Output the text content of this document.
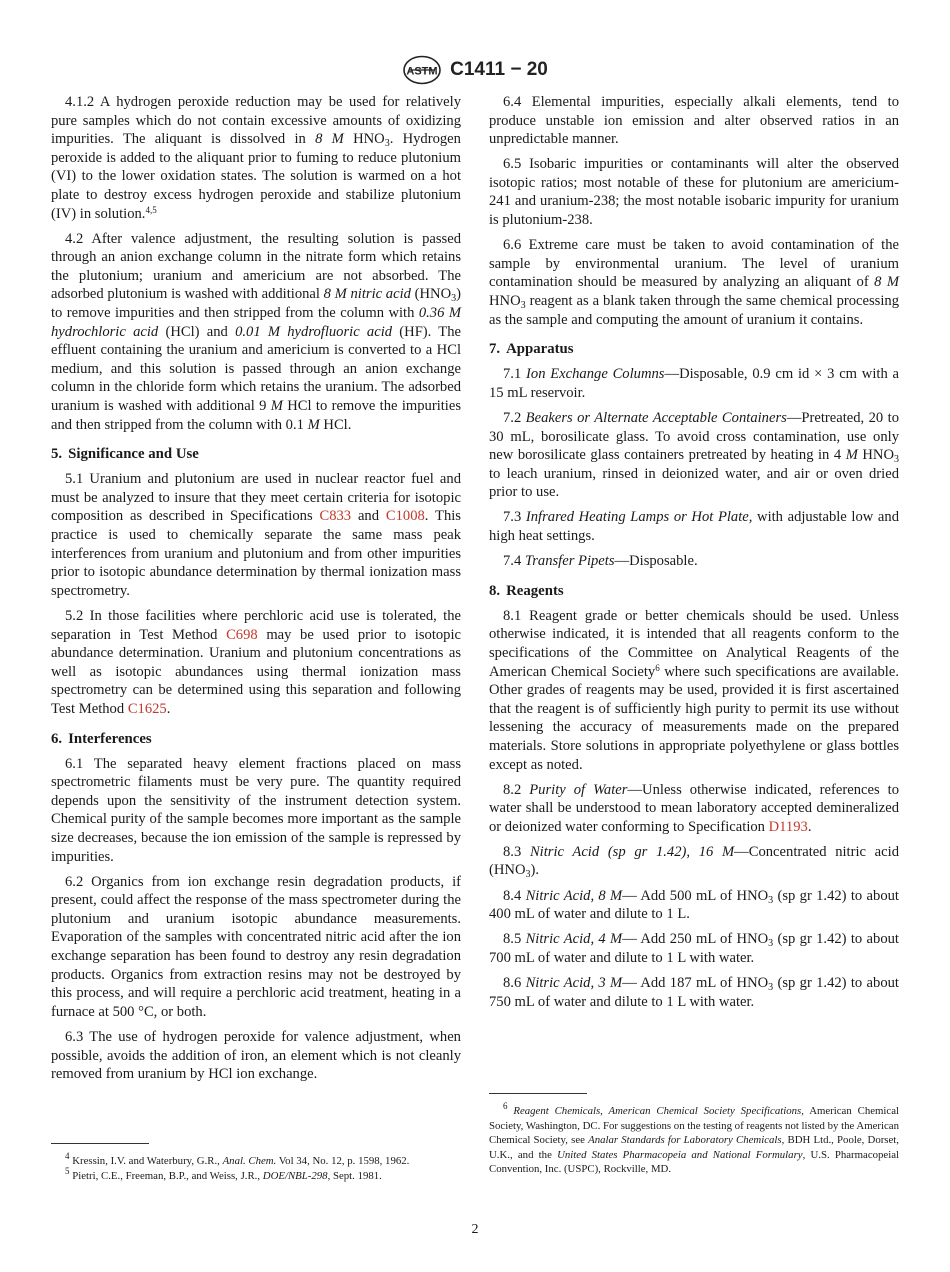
ASTM C1411 − 20

4.1.2 A hydrogen peroxide reduction may be used for relatively pure samples which do not contain excessive amounts of oxidizing impurities. The aliquant is dissolved in 8 M $HNO_3$. Hydrogen peroxide is added to the aliquant prior to fuming to reduce plutonium (VI) to the lower oxidation states. The solution is warmed on a hot plate to destroy excess hydrogen peroxide and stabilize plutonium (IV) in solution.$^{4,5}$

4.2 After valence adjustment, the resulting solution is passed through an anion exchange column in the nitrate form which retains the plutonium; uranium and americium are not absorbed. The adsorbed plutonium is washed with additional 8 M nitric acid $(HNO_3)$ to remove impurities and then stripped from the column with 0.36 M hydrochloric acid (HCl) and 0.01 M hydrofluoric acid (HF). The effluent containing the uranium and americium is converted to a HCl medium, and this solution is passed through an anion exchange column in the chloride form which retains the uranium. The adsorbed uranium is washed with additional 9 M HCl to remove the impurities and then stripped from the column with 0.1 M HCl.

5. Significance and Use

5.1 Uranium and plutonium are used in nuclear reactor fuel and must be analyzed to insure that they meet certain criteria for isotopic composition as described in Specifications C833 and C1008. This practice is used to chemically separate the same mass peak interferences from uranium and plutonium and from other impurities prior to isotopic abundance determination by thermal ionization mass spectrometry.

5.2 In those facilities where perchloric acid use is tolerated, the separation in Test Method C698 may be used prior to isotopic abundance determination. Uranium and plutonium concentrations as well as isotopic abundances using thermal ionization mass spectrometry can be determined using this separation and following Test Method C1625.

6. Interferences

6.1 The separated heavy element fractions placed on mass spectrometric filaments must be very pure. The quantity required depends upon the sensitivity of the instrument detection system. Chemical purity of the sample becomes more important as the sample size decreases, because the ion emission of the sample is repressed by impurities.

6.2 Organics from ion exchange resin degradation products, if present, could affect the response of the mass spectrometer during the plutonium and uranium isotopic abundance measurements. Evaporation of the samples with concentrated nitric acid after the ion exchange separation has been found to destroy any resin degradation products. Organics from extraction resins may not be destroyed by this process, and will require a perchloric acid treatment, heating in a furnace at 500 °C, or both.

6.3 The use of hydrogen peroxide for valence adjustment, when possible, avoids the addition of iron, an element which is not cleanly removed from uranium by HCl ion exchange.

$^4$ Kressin, I.V. and Waterbury, G.R., Anal. Chem. Vol 34, No. 12, p. 1598, 1962.

$^5$ Pietri, C.E., Freeman, B.P., and Weiss, J.R., DOE/NBL-298, Sept. 1981.

6.4 Elemental impurities, especially alkali elements, tend to produce unstable ion emission and alter observed ratios in an unpredictable manner.

6.5 Isobaric impurities or contaminants will alter the observed isotopic ratios; most notable of these for plutonium are americium-241 and uranium-238; the most notable isobaric impurity for uranium is plutonium-238.

6.6 Extreme care must be taken to avoid contamination of the sample by environmental uranium. The level of uranium contamination should be measured by analyzing an aliquant of 8 M $HNO_3$ reagent as a blank taken through the same chemical processing as the sample and computing the amount of uranium it contains.

7. Apparatus

7.1 Ion Exchange Columns—Disposable, 0.9 cm id × 3 cm with a 15 mL reservoir.

7.2 Beakers or Alternate Acceptable Containers—Pretreated, 20 to 30 mL, borosilicate glass. To avoid cross contamination, use only new borosilicate glass containers pretreated by heating in 4 M $HNO_3$ to leach uranium, rinsed in deionized water, and air or oven dried prior to use.

7.3 Infrared Heating Lamps or Hot Plate, with adjustable low and high heat settings.

7.4 Transfer Pipets—Disposable.

8. Reagents

8.1 Reagent grade or better chemicals should be used. Unless otherwise indicated, it is intended that all reagents conform to the specifications of the Committee on Analytical Reagents of the American Chemical Society$^6$ where such specifications are available. Other grades of reagents may be used, provided it is first ascertained that the reagent is of sufficiently high purity to permit its use without lessening the accuracy of measurements made on the prepared materials. Store solutions in appropriate polyethylene or glass bottles except as noted.

8.2 Purity of Water—Unless otherwise indicated, references to water shall be understood to mean laboratory accepted demineralized or deionized water conforming to Specification D1193.

8.3 Nitric Acid (sp gr 1.42), 16 M—Concentrated nitric acid $(HNO_3)$.

8.4 Nitric Acid, 8 M— Add 500 mL of $HNO_3$ (sp gr 1.42) to about 400 mL of water and dilute to 1 L.

8.5 Nitric Acid, 4 M— Add 250 mL of $HNO_3$ (sp gr 1.42) to about 700 mL of water and dilute to 1 L with water.

8.6 Nitric Acid, 3 M— Add 187 mL of $HNO_3$ (sp gr 1.42) to about 750 mL of water and dilute to 1 L with water.

$^6$ Reagent Chemicals, American Chemical Society Specifications, American Chemical Society, Washington, DC. For suggestions on the testing of reagents not listed by the American Chemical Society, see Analar Standards for Laboratory Chemicals, BDH Ltd., Poole, Dorset, U.K., and the United States Pharmacopeia and National Formulary, U.S. Pharmacopeial Convention, Inc. (USPC), Rockville, MD.

2
